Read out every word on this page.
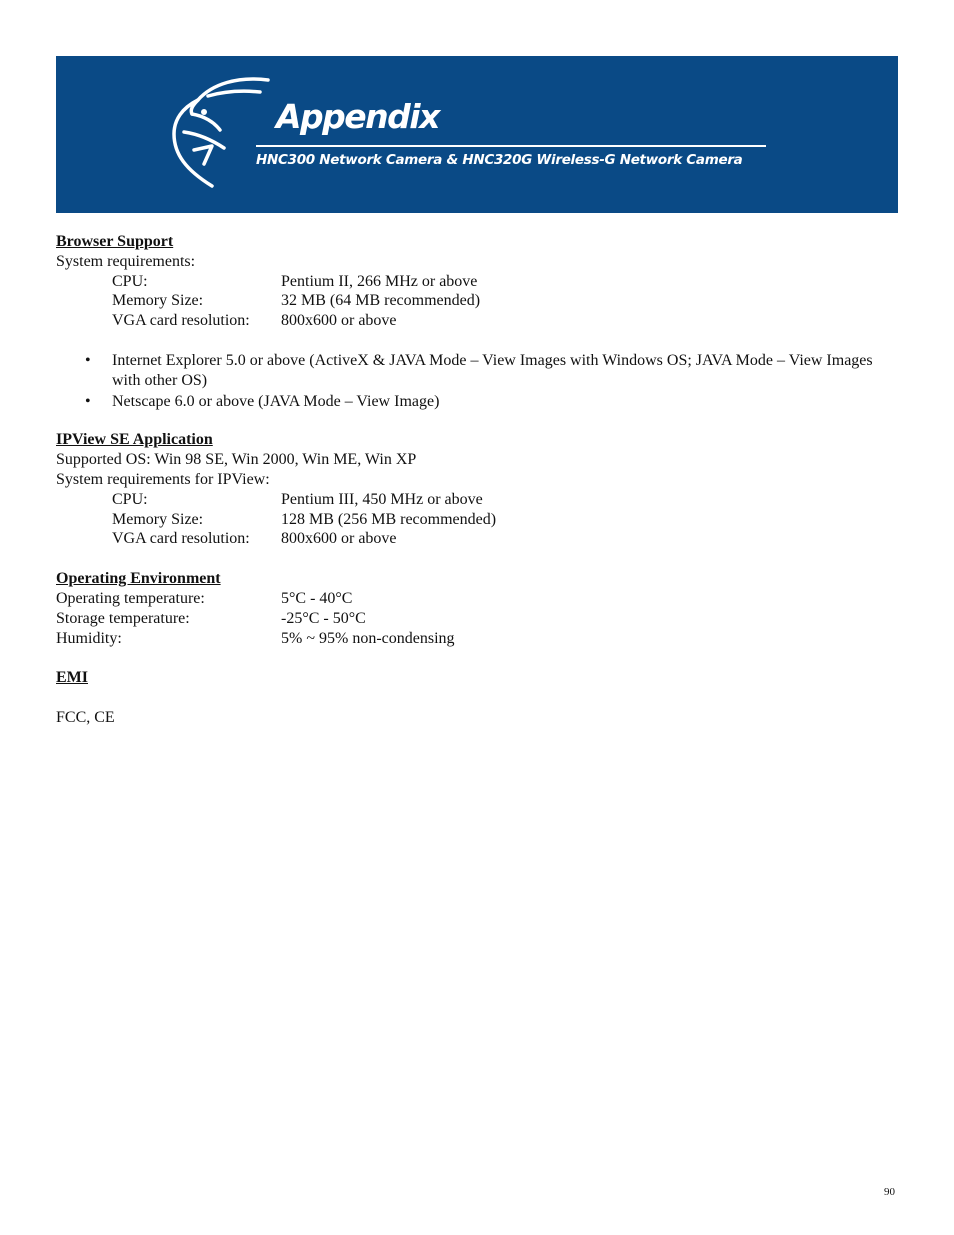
Appendix
HNC300 Network Camera & HNC320G Wireless-G Network Camera
Browser Support
System requirements:
CPU:	Pentium II, 266 MHz or above
Memory Size:	32 MB (64 MB recommended)
VGA card resolution:	800x600 or above
• Internet Explorer 5.0 or above (ActiveX & JAVA Mode – View Images with Windows OS; JAVA Mode – View Images with other OS)
• Netscape 6.0 or above (JAVA Mode – View Image)
IPView SE Application
Supported OS: Win 98 SE, Win 2000, Win ME, Win XP
System requirements for IPView:
CPU:	Pentium III, 450 MHz or above
Memory Size:	128 MB (256 MB recommended)
VGA card resolution:	800x600 or above
Operating Environment
Operating temperature:	5°C - 40°C
Storage temperature:	-25°C - 50°C
Humidity:	5% ~ 95% non-condensing
EMI
FCC, CE
90
